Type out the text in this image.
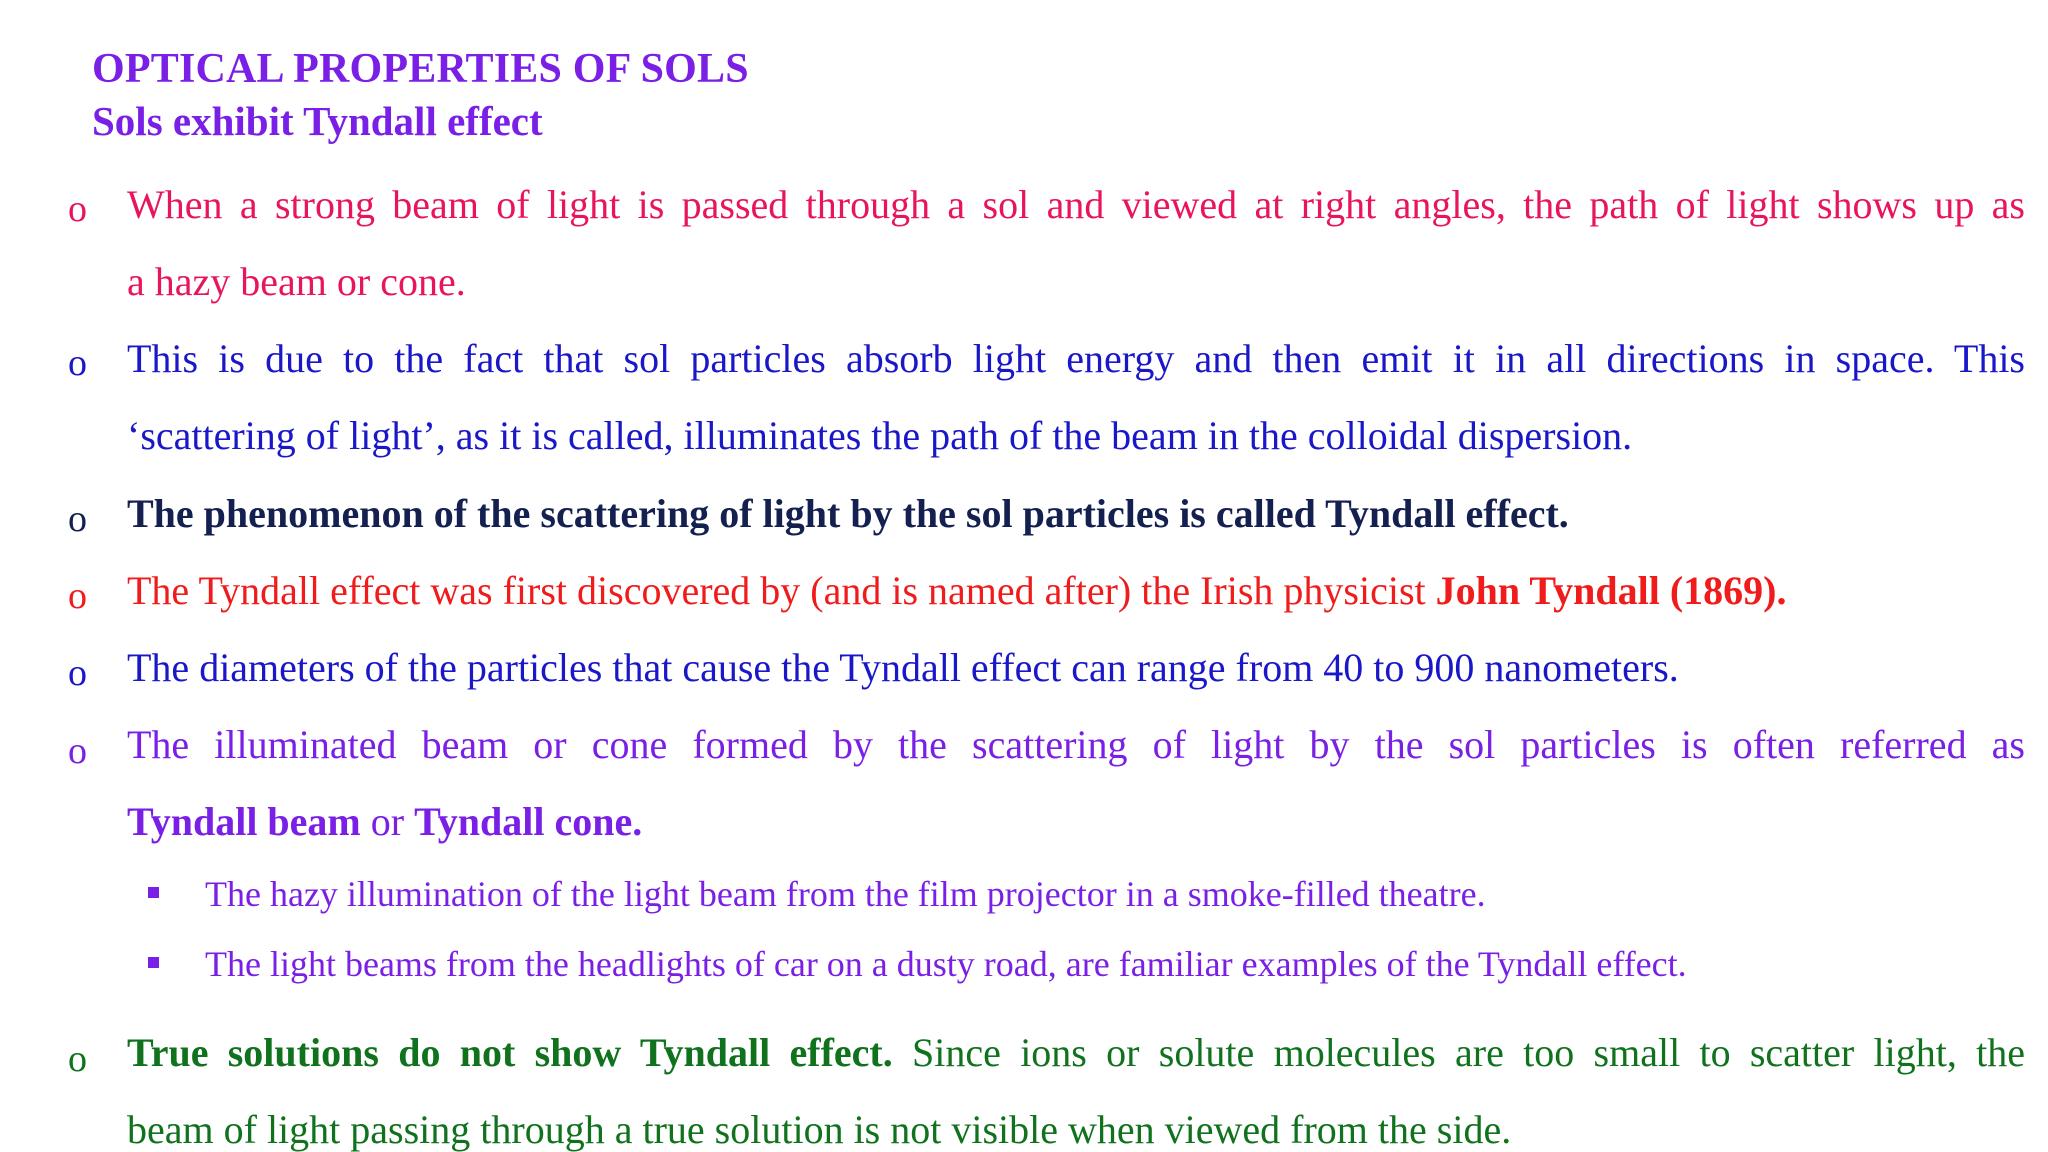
OPTICAL PROPERTIES OF SOLS
Sols exhibit Tyndall effect
o When a strong beam of light is passed through a sol and viewed at right angles, the path of light shows up as
a hazy beam or cone.
o This is due to the fact that sol particles absorb light energy and then emit it in all directions in space. This
‘scattering of light’, as it is called, illuminates the path of the beam in the colloidal dispersion.
o The phenomenon of the scattering of light by the sol particles is called Tyndall effect.
o The Tyndall effect was first discovered by (and is named after) the Irish physicist John Tyndall (1869).
o The diameters of the particles that cause the Tyndall effect can range from 40 to 900 nanometers.
o The illuminated beam or cone formed by the scattering of light by the sol particles is often referred as
Tyndall beam or Tyndall cone.
The hazy illumination of the light beam from the film projector in a smoke-filled theatre.
The light beams from the headlights of car on a dusty road, are familiar examples of the Tyndall effect.
o True solutions do not show Tyndall effect. Since ions or solute molecules are too small to scatter light, the
beam of light passing through a true solution is not visible when viewed from the side.
